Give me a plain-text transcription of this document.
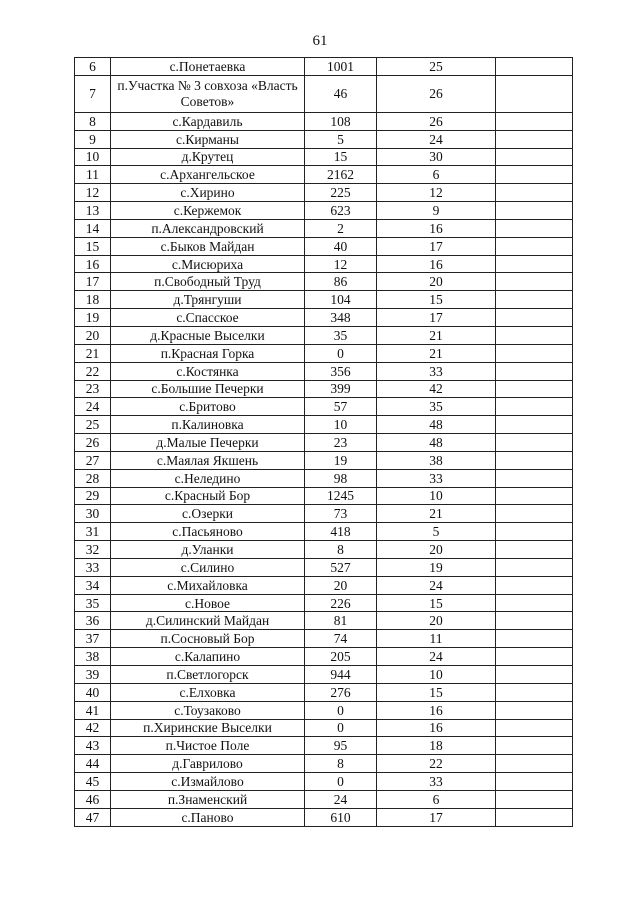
61
6	с.Понетаевка	1001	25	
7	п.Участка № 3 совхоза «Власть Советов»	46	26	
8	с.Кардавиль	108	26	
9	с.Кирманы	5	24	
10	д.Крутец	15	30	
11	с.Архангельское	2162	6	
12	с.Хирино	225	12	
13	с.Кержемок	623	9	
14	п.Александровский	2	16	
15	с.Быков Майдан	40	17	
16	с.Мисюриха	12	16	
17	п.Свободный Труд	86	20	
18	д.Трянгуши	104	15	
19	с.Спасское	348	17	
20	д.Красные Выселки	35	21	
21	п.Красная Горка	0	21	
22	с.Костянка	356	33	
23	с.Большие Печерки	399	42	
24	с.Бритово	57	35	
25	п.Калиновка	10	48	
26	д.Малые Печерки	23	48	
27	с.Маялая Якшень	19	38	
28	с.Неледино	98	33	
29	с.Красный Бор	1245	10	
30	с.Озерки	73	21	
31	с.Пасьяново	418	5	
32	д.Уланки	8	20	
33	с.Силино	527	19	
34	с.Михайловка	20	24	
35	с.Новое	226	15	
36	д.Силинский Майдан	81	20	
37	п.Сосновый Бор	74	11	
38	с.Калапино	205	24	
39	п.Светлогорск	944	10	
40	с.Елховка	276	15	
41	с.Тоузаково	0	16	
42	п.Хиринские Выселки	0	16	
43	п.Чистое Поле	95	18	
44	д.Гаврилово	8	22	
45	с.Измайлово	0	33	
46	п.Знаменский	24	6	
47	с.Паново	610	17	
